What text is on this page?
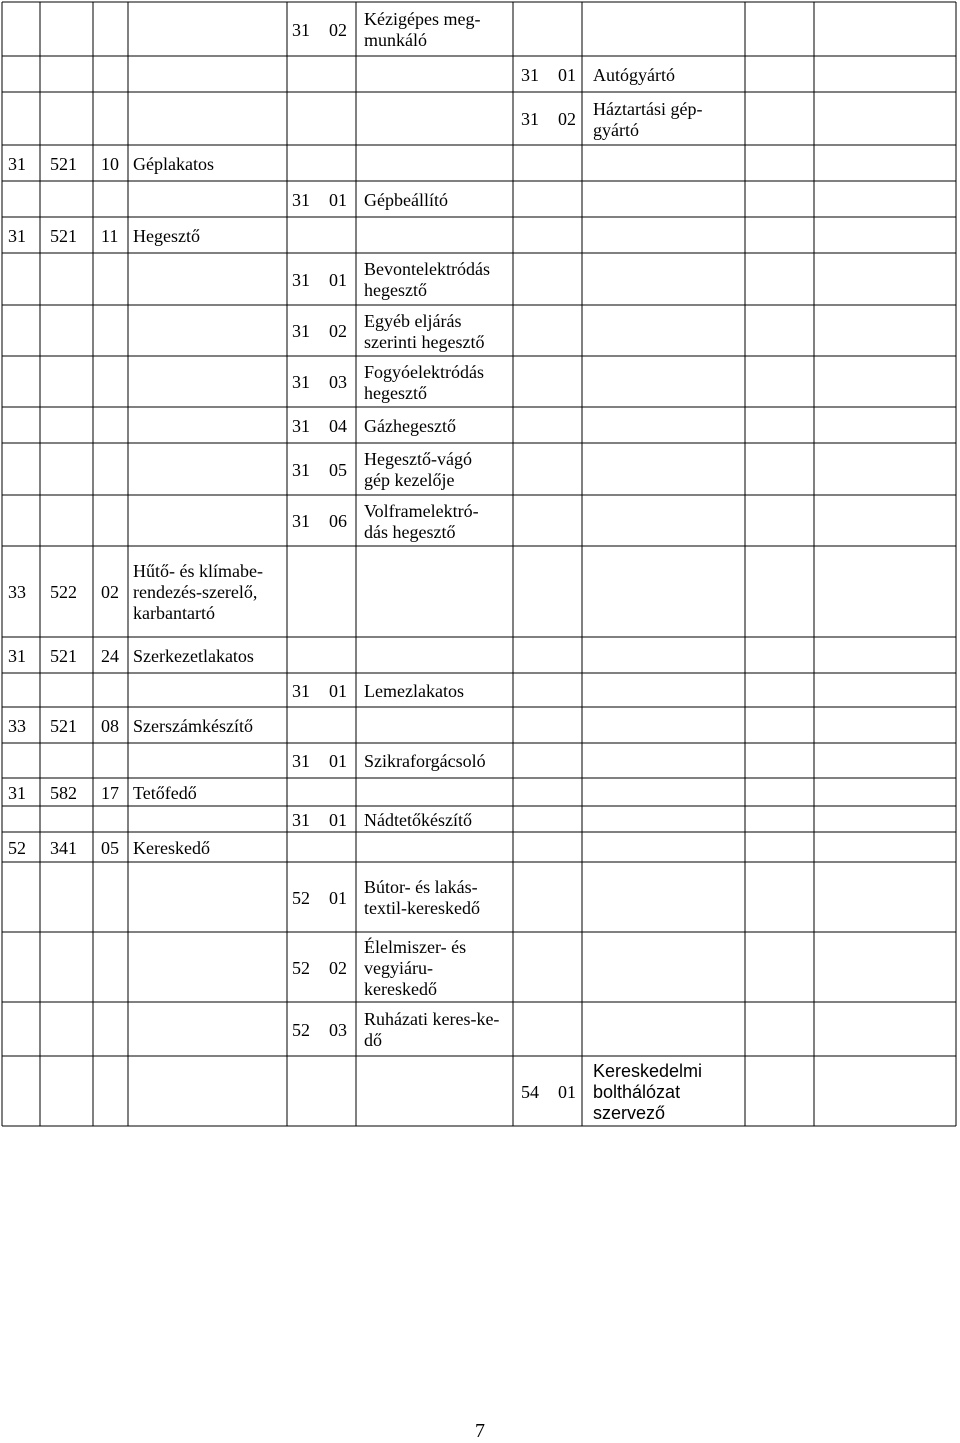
31 02
Kézigépes meg-
munkáló
31 01 Autógyártó
31 02 Háztartási gép-
gyártó
31 521 10 Géplakatos
31 01 Gépbeállító
31 521 11 Hegesztő
31 01
Bevontelektródás
hegesztő
31 02 Egyéb eljárás
szerinti hegesztő
31 03 Fogyóelektródás
hegesztő
31 04 Gázhegesztő
31 05
Hegesztő-vágó
gép kezelője
31 06 Volframelektró-
dás hegesztő
33 522 02
Hűtő- és klímabe-
rendezés-szerelő,
karbantartó
31 521 24 Szerkezetlakatos
31 01 Lemezlakatos
33 521 08 Szerszámkészítő
31 01 Szikraforgácsoló
31 582 17 Tetőfedő
31 01 Nádtetőkészítő
52 341 05 Kereskedő
52 01
Bútor- és lakás-
textil-kereskedő
52 02
Élelmiszer- és
vegyiáru-
kereskedő
52 03
Ruházati keres-ke-
dő
54 01
Kereskedelmi
bolthálózat
szervező
7
